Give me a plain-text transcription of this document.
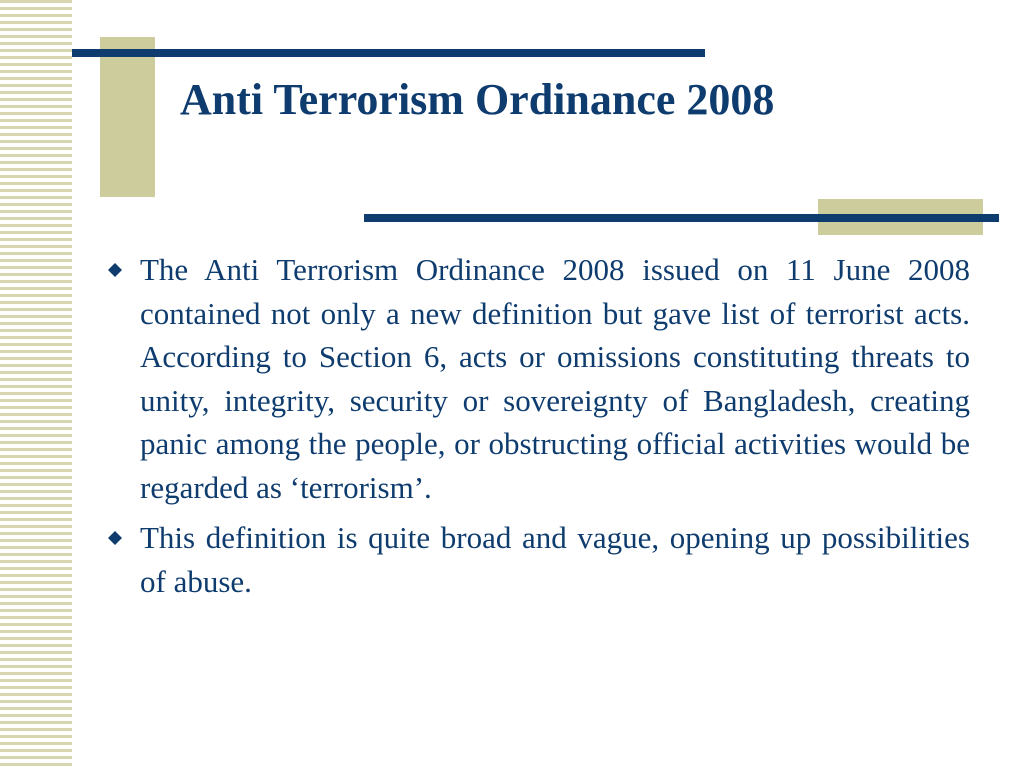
Anti Terrorism Ordinance 2008
The Anti Terrorism Ordinance 2008 issued on 11 June 2008 contained not only a new definition but gave list of terrorist acts. According to Section 6, acts or omissions constituting threats to unity, integrity, security or sovereignty of Bangladesh, creating panic among the people, or obstructing official activities would be regarded as ‘terrorism’.
This definition is quite broad and vague, opening up possibilities of abuse.
